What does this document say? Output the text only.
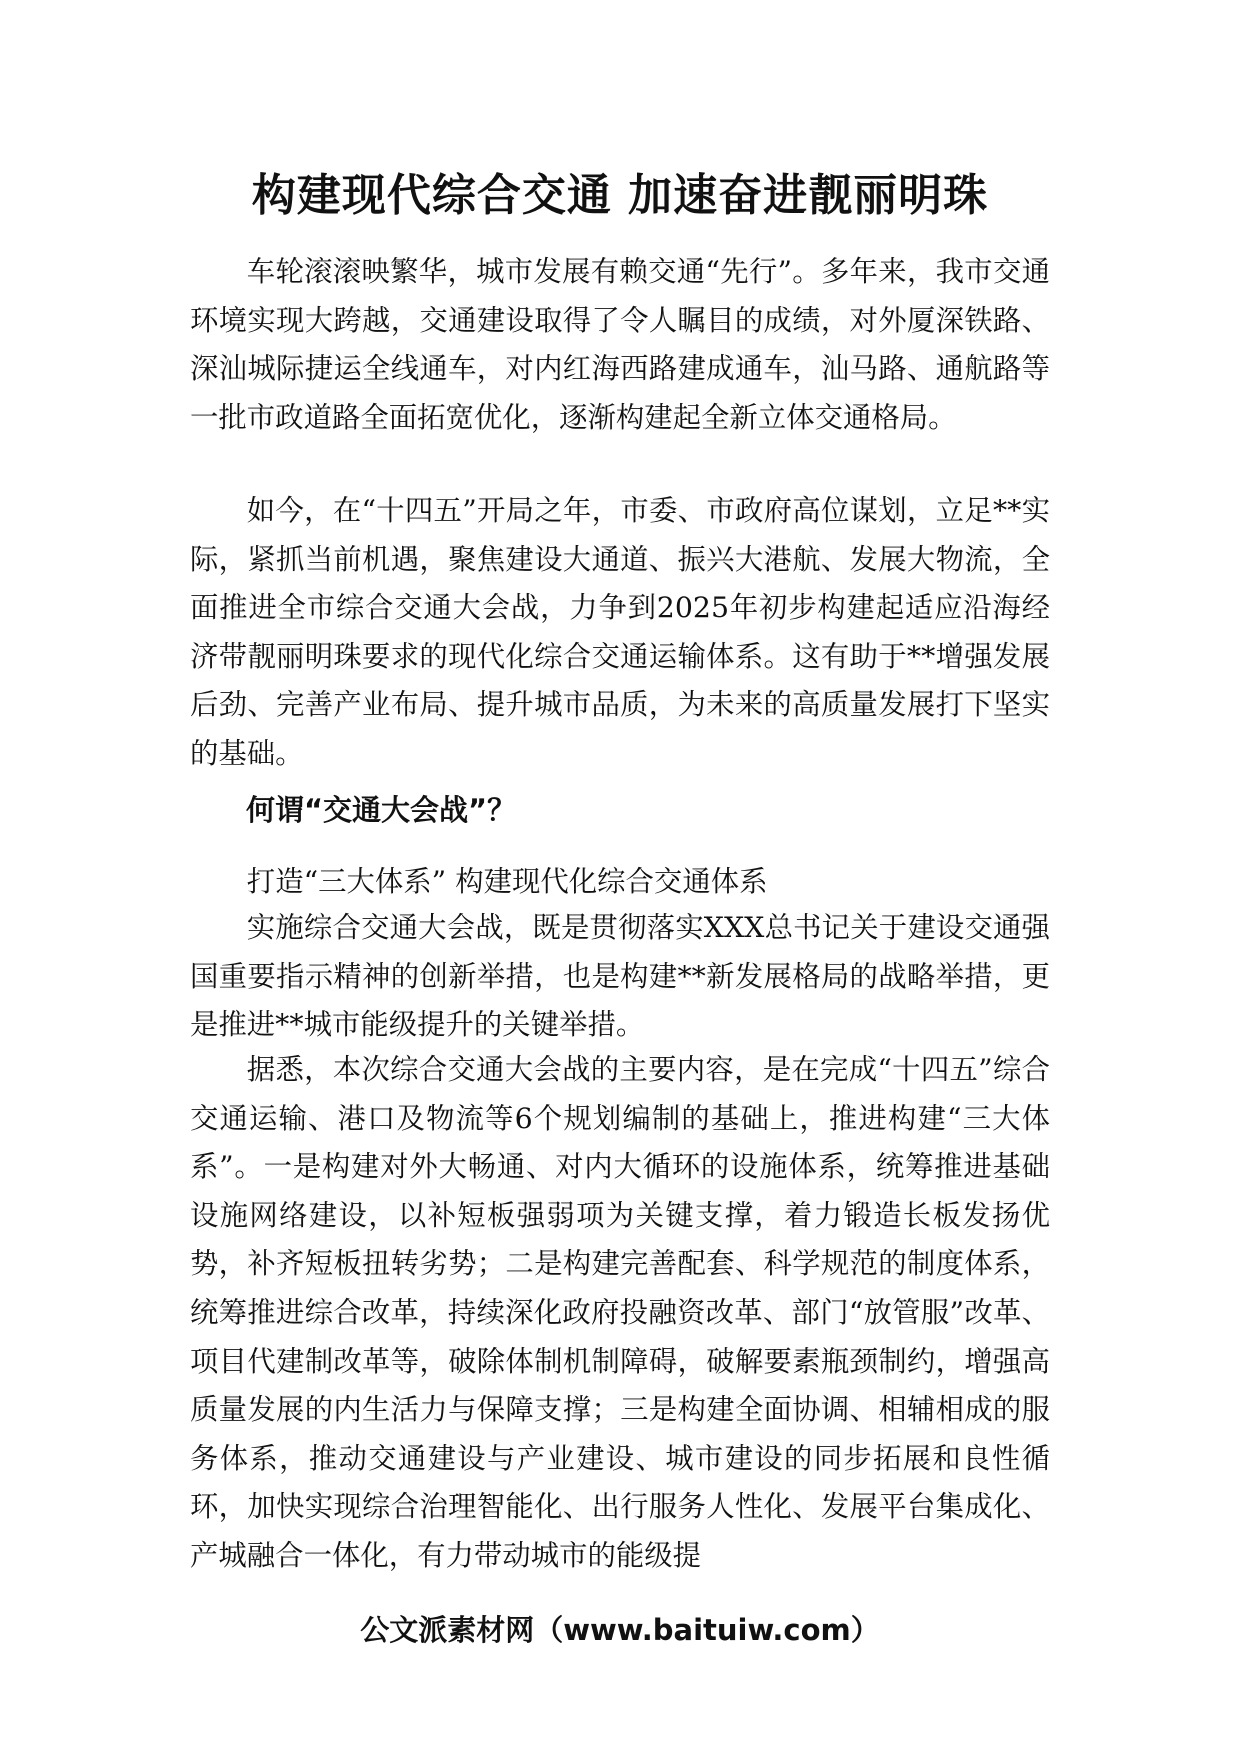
构建现代综合交通 加速奋进靓丽明珠

车轮滚滚映繁华，城市发展有赖交通“先行”。多年来，我市交通环境实现大跨越，交通建设取得了令人瞩目的成绩，对外厦深铁路、深汕城际捷运全线通车，对内红海西路建成通车，汕马路、通航路等一批市政道路全面拓宽优化，逐渐构建起全新立体交通格局。

如今，在“十四五”开局之年，市委、市政府高位谋划，立足**实际，紧抓当前机遇，聚焦建设大通道、振兴大港航、发展大物流，全面推进全市综合交通大会战，力争到2025年初步构建起适应沿海经济带靓丽明珠要求的现代化综合交通运输体系。这有助于**增强发展后劲、完善产业布局、提升城市品质，为未来的高质量发展打下坚实的基础。

何谓“交通大会战”？

打造“三大体系” 构建现代化综合交通体系

实施综合交通大会战，既是贯彻落实XXX总书记关于建设交通强国重要指示精神的创新举措，也是构建**新发展格局的战略举措，更是推进**城市能级提升的关键举措。

据悉，本次综合交通大会战的主要内容，是在完成“十四五”综合交通运输、港口及物流等6个规划编制的基础上，推进构建“三大体系”。一是构建对外大畅通、对内大循环的设施体系，统筹推进基础设施网络建设，以补短板强弱项为关键支撑，着力锻造长板发扬优势，补齐短板扭转劣势；二是构建完善配套、科学规范的制度体系，统筹推进综合改革，持续深化政府投融资改革、部门“放管服”改革、项目代建制改革等，破除体制机制障碍，破解要素瓶颈制约，增强高质量发展的内生活力与保障支撑；三是构建全面协调、相辅相成的服务体系，推动交通建设与产业建设、城市建设的同步拓展和良性循环，加快实现综合治理智能化、出行服务人性化、发展平台集成化、产城融合一体化，有力带动城市的能级提

公文派素材网（www.baituiw.com）
